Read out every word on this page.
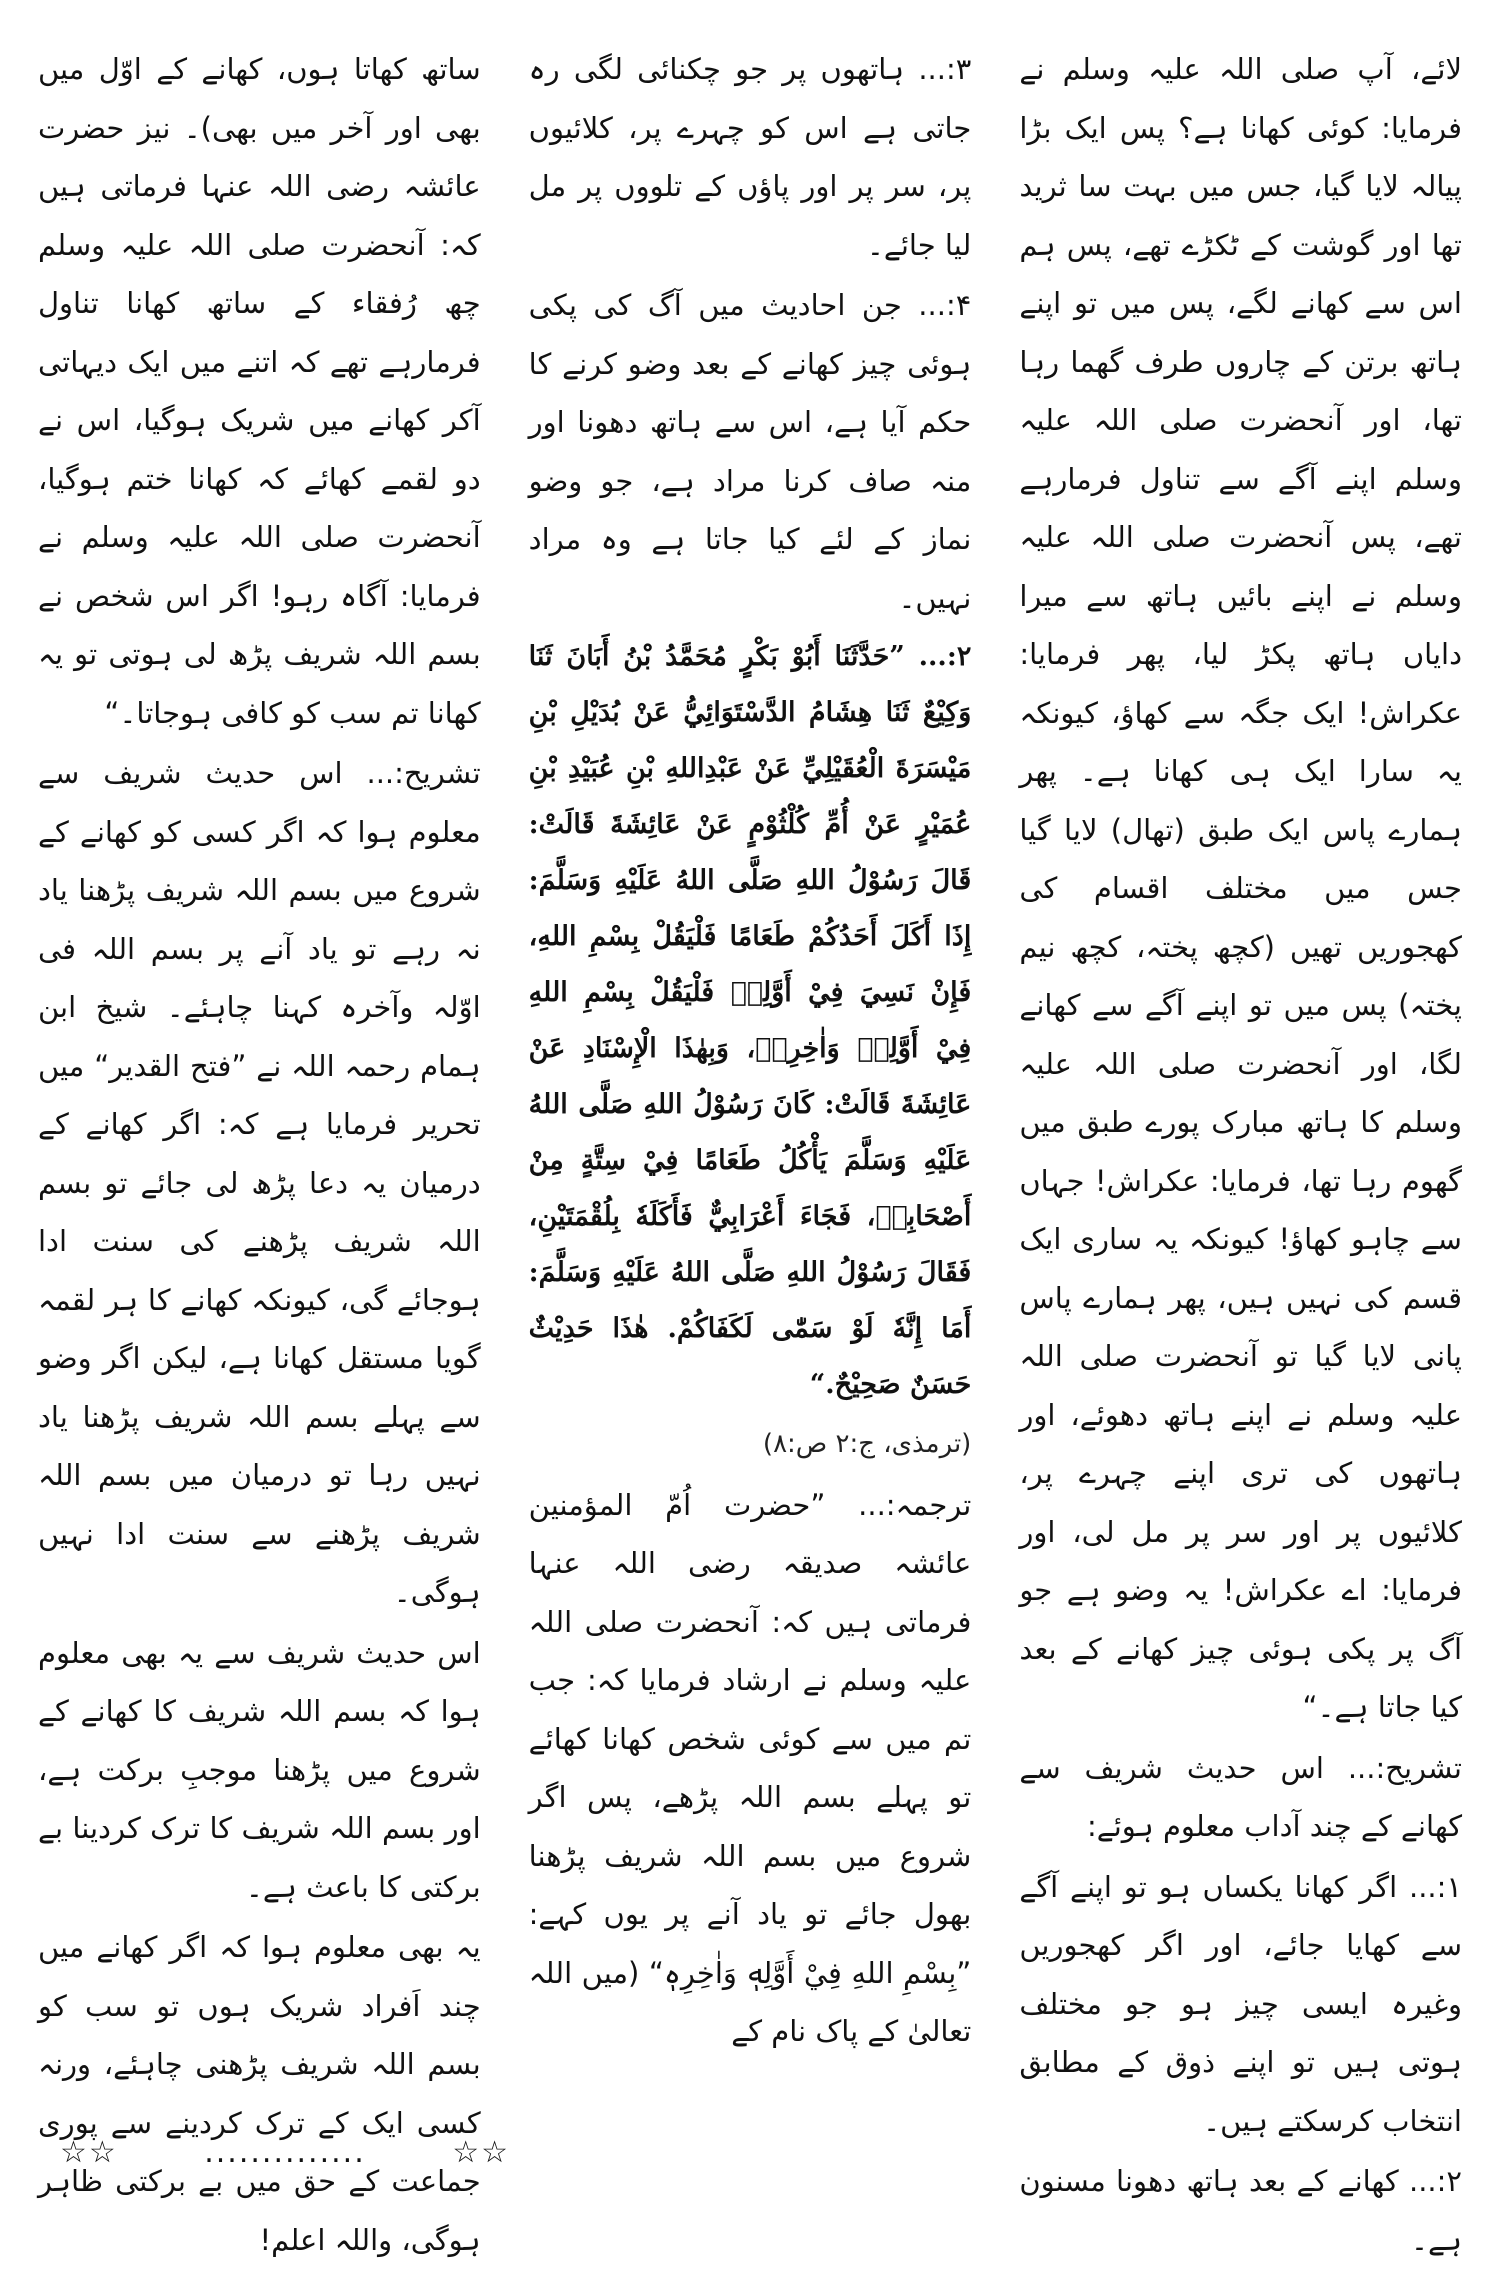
لائے، آپ صلی اللہ علیہ وسلم نے فرمایا: کوئی کھانا ہے؟ پس ایک بڑا پیالہ لایا گیا، جس میں بہت سا ثرید تھا اور گوشت کے ٹکڑے تھے، پس ہم اس سے کھانے لگے، پس میں تو اپنے ہاتھ برتن کے چاروں طرف گھما رہا تھا، اور آنحضرت صلی اللہ علیہ وسلم اپنے آگے سے تناول فرمارہے تھے، پس آنحضرت صلی اللہ علیہ وسلم نے اپنے بائیں ہاتھ سے میرا دایاں ہاتھ پکڑ لیا، پھر فرمایا: عکراش! ایک جگہ سے کھاؤ، کیونکہ یہ سارا ایک ہی کھانا ہے۔ پھر ہمارے پاس ایک طبق (تھال) لایا گیا جس میں مختلف اقسام کی کھجوریں تھیں (کچھ پختہ، کچھ نیم پختہ) پس میں تو اپنے آگے سے کھانے لگا، اور آنحضرت صلی اللہ علیہ وسلم کا ہاتھ مبارک پورے طبق میں گھوم رہا تھا، فرمایا: عکراش! جہاں سے چاہو کھاؤ! کیونکہ یہ ساری ایک قسم کی نہیں ہیں، پھر ہمارے پاس پانی لایا گیا تو آنحضرت صلی اللہ علیہ وسلم نے اپنے ہاتھ دھوئے، اور ہاتھوں کی تری اپنے چہرے پر، کلائیوں پر اور سر پر مل لی، اور فرمایا: اے عکراش! یہ وضو ہے جو آگ پر پکی ہوئی چیز کھانے کے بعد کیا جاتا ہے۔“

تشریح:... اس حدیث شریف سے کھانے کے چند آداب معلوم ہوئے:

۱:... اگر کھانا یکساں ہو تو اپنے آگے سے کھایا جائے، اور اگر کھجوریں وغیرہ ایسی چیز ہو جو مختلف ہوتی ہیں تو اپنے ذوق کے مطابق انتخاب کرسکتے ہیں۔

۲:... کھانے کے بعد ہاتھ دھونا مسنون ہے۔

۳:... ہاتھوں پر جو چکنائی لگی رہ جاتی ہے اس کو چہرے پر، کلائیوں پر، سر پر اور پاؤں کے تلووں پر مل لیا جائے۔

۴:... جن احادیث میں آگ کی پکی ہوئی چیز کھانے کے بعد وضو کرنے کا حکم آیا ہے، اس سے ہاتھ دھونا اور منہ صاف کرنا مراد ہے، جو وضو نماز کے لئے کیا جاتا ہے وہ مراد نہیں۔

۲:... ”حَدَّثَنَا أَبُوْ بَكْرٍ مُحَمَّدُ بْنُ أَبَانَ ثَنَا وَكِيْعٌ ثَنَا هِشَامُ الدَّسْتَوَائِيُّ عَنْ بُدَيْلِ بْنِ مَيْسَرَةَ الْعُقَيْلِيِّ عَنْ عَبْدِاللهِ بْنِ عُبَيْدِ بْنِ عُمَيْرٍ عَنْ أُمِّ كُلْثُوْمٍ عَنْ عَائِشَةَ قَالَتْ: قَالَ رَسُوْلُ اللهِ صَلَّى اللهُ عَلَيْهِ وَسَلَّمَ: إِذَا أَكَلَ أَحَدُكُمْ طَعَامًا فَلْيَقُلْ بِسْمِ اللهِ، فَإِنْ نَسِيَ فِيْ أَوَّلِهٖ فَلْيَقُلْ بِسْمِ اللهِ فِيْ أَوَّلِهٖ وَاٰخِرِهٖ، وَبِهٰذَا الْإِسْنَادِ عَنْ عَائِشَةَ قَالَتْ: كَانَ رَسُوْلُ اللهِ صَلَّى اللهُ عَلَيْهِ وَسَلَّمَ يَأْكُلُ طَعَامًا فِيْ سِتَّةٍ مِنْ أَصْحَابِهٖ، فَجَاءَ أَعْرَابِيٌّ فَأَكَلَهٗ بِلُقْمَتَيْنِ، فَقَالَ رَسُوْلُ اللهِ صَلَّى اللهُ عَلَيْهِ وَسَلَّمَ: أَمَا إِنَّهٗ لَوْ سَمّٰى لَكَفَاكُمْ. هٰذَا حَدِيْثٌ حَسَنٌ صَحِيْحٌ.“

(ترمذی، ج:۲ ص:۸)

ترجمہ:... ”حضرت اُمّ المؤمنین عائشہ صدیقہ رضی اللہ عنہا فرماتی ہیں کہ: آنحضرت صلی اللہ علیہ وسلم نے ارشاد فرمایا کہ: جب تم میں سے کوئی شخص کھانا کھائے تو پہلے بسم اللہ پڑھے، پس اگر شروع میں بسم اللہ شریف پڑھنا بھول جائے تو یاد آنے پر یوں کہے: ”بِسْمِ اللهِ فِيْ أَوَّلِهٖ وَاٰخِرِهٖ“ (میں اللہ تعالیٰ کے پاک نام کے

ساتھ کھاتا ہوں، کھانے کے اوّل میں بھی اور آخر میں بھی)۔ نیز حضرت عائشہ رضی اللہ عنہا فرماتی ہیں کہ: آنحضرت صلی اللہ علیہ وسلم چھ رُفقاء کے ساتھ کھانا تناول فرمارہے تھے کہ اتنے میں ایک دیہاتی آکر کھانے میں شریک ہوگیا، اس نے دو لقمے کھائے کہ کھانا ختم ہوگیا، آنحضرت صلی اللہ علیہ وسلم نے فرمایا: آگاہ رہو! اگر اس شخص نے بسم اللہ شریف پڑھ لی ہوتی تو یہ کھانا تم سب کو کافی ہوجاتا۔“

تشریح:... اس حدیث شریف سے معلوم ہوا کہ اگر کسی کو کھانے کے شروع میں بسم اللہ شریف پڑھنا یاد نہ رہے تو یاد آنے پر بسم اللہ فی اوّلہ وآخرہ کہنا چاہئے۔ شیخ ابن ہمام رحمہ اللہ نے ”فتح القدیر“ میں تحریر فرمایا ہے کہ: اگر کھانے کے درمیان یہ دعا پڑھ لی جائے تو بسم اللہ شریف پڑھنے کی سنت ادا ہوجائے گی، کیونکہ کھانے کا ہر لقمہ گویا مستقل کھانا ہے، لیکن اگر وضو سے پہلے بسم اللہ شریف پڑھنا یاد نہیں رہا تو درمیان میں بسم اللہ شریف پڑھنے سے سنت ادا نہیں ہوگی۔

اس حدیث شریف سے یہ بھی معلوم ہوا کہ بسم اللہ شریف کا کھانے کے شروع میں پڑھنا موجبِ برکت ہے، اور بسم اللہ شریف کا ترک کردینا بے برکتی کا باعث ہے۔

یہ بھی معلوم ہوا کہ اگر کھانے میں چند اَفراد شریک ہوں تو سب کو بسم اللہ شریف پڑھنی چاہئے، ورنہ کسی ایک کے ترک کردینے سے پوری جماعت کے حق میں بے برکتی ظاہر ہوگی، واللہ اعلم!

☆☆	..............	☆☆
